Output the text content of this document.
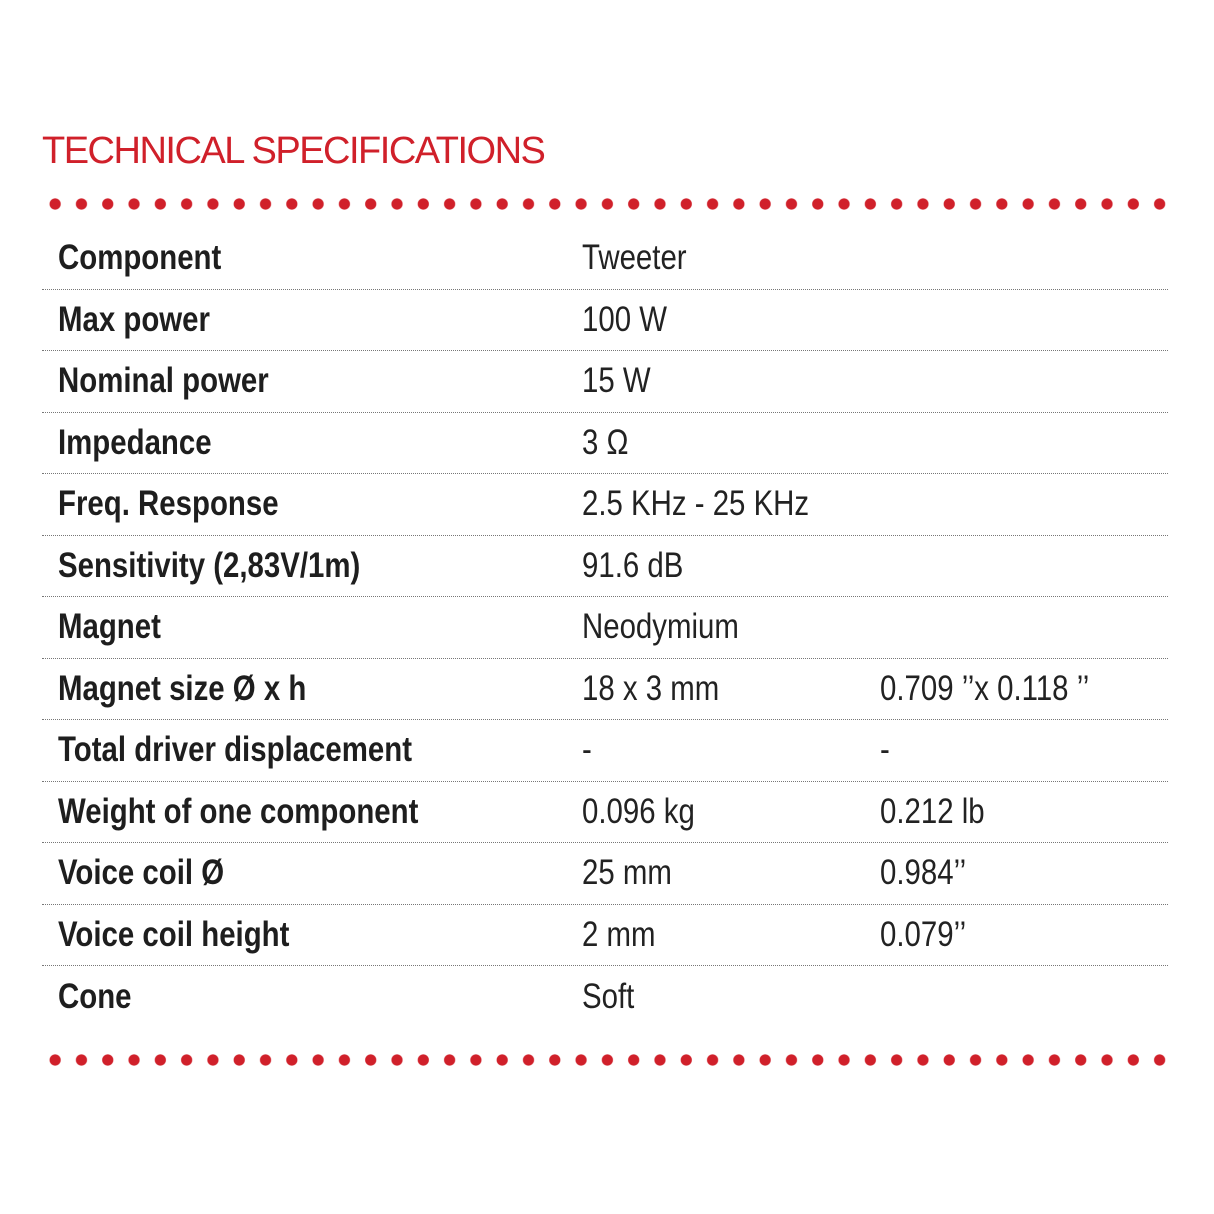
TECHNICAL SPECIFICATIONS
Component	Tweeter
Max power	100 W
Nominal power	15 W
Impedance	3 Ω
Freq. Response	2.5 KHz - 25 KHz
Sensitivity (2,83V/1m)	91.6 dB
Magnet	Neodymium
Magnet size Ø x h	18 x 3 mm	0.709 ’’x 0.118 ’’
Total driver displacement	-	-
Weight of one component	0.096 kg	0.212 lb
Voice coil Ø	25 mm	0.984’’
Voice coil height	2 mm	0.079’’
Cone	Soft
